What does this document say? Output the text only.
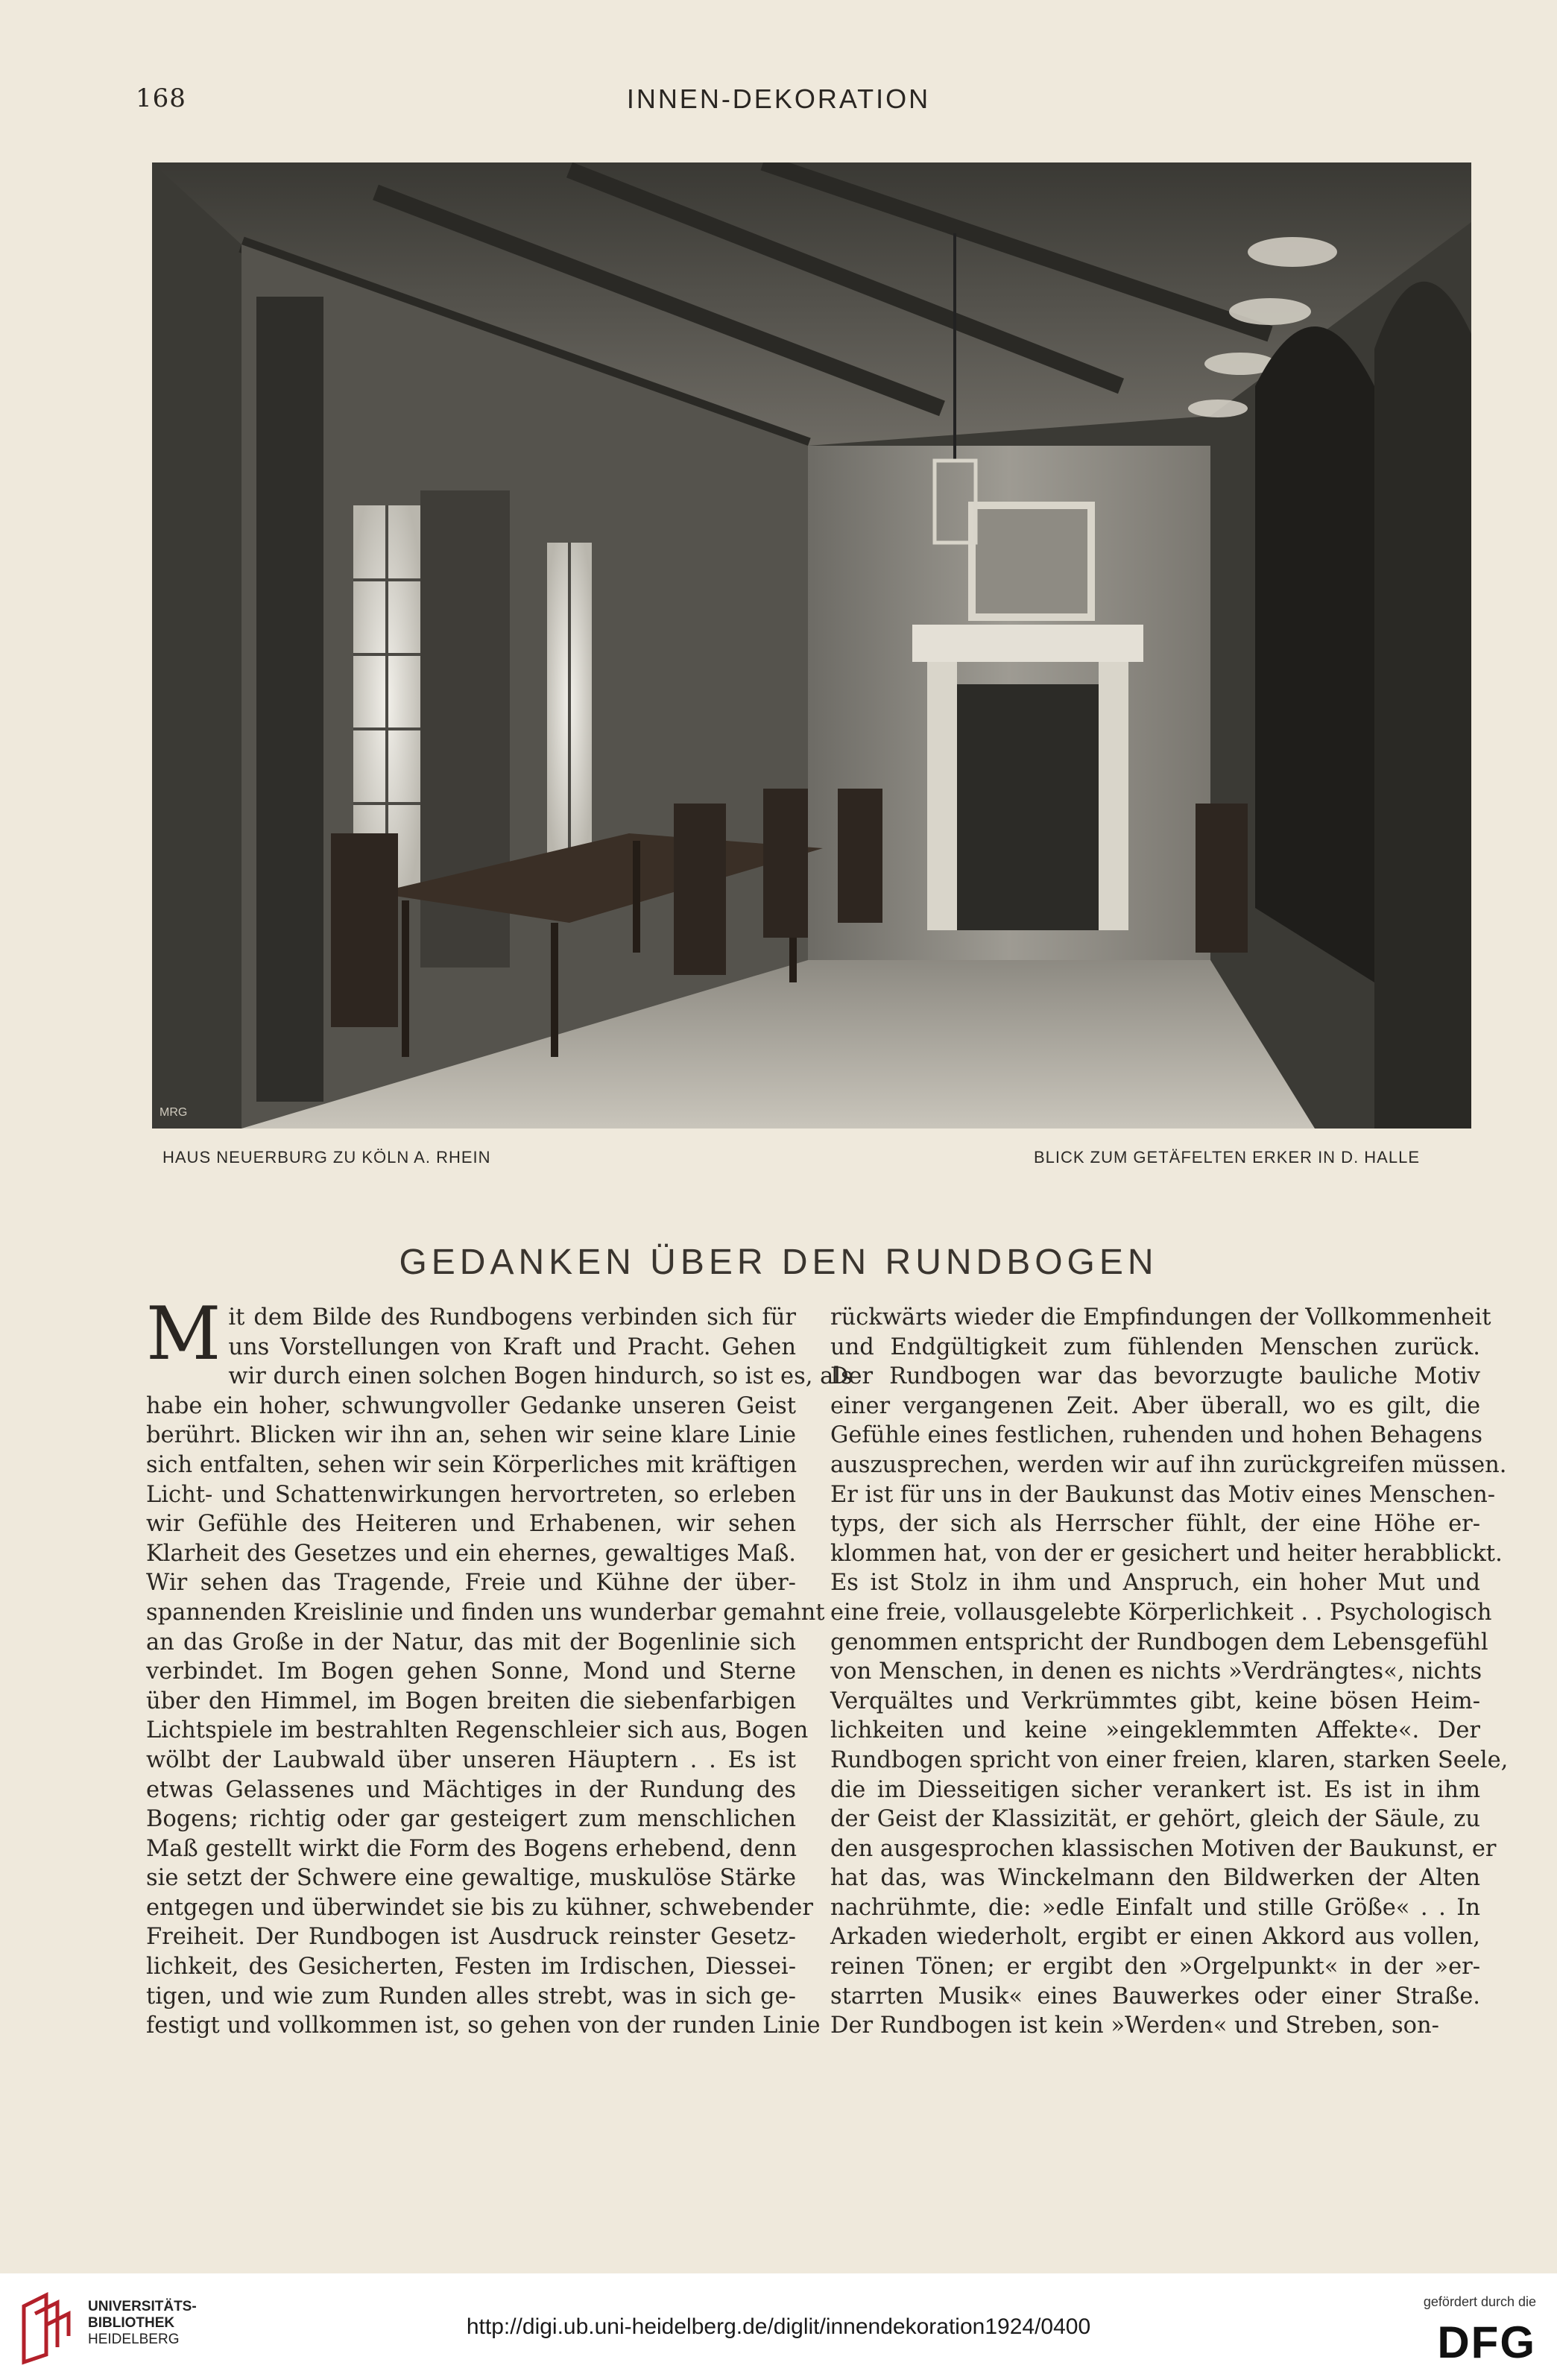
168	INNEN-DEKORATION
MRG
HAUS NEUERBURG ZU KÖLN A. RHEIN	BLICK ZUM GETÄFELTEN ERKER IN D. HALLE
GEDANKEN ÜBER DEN RUNDBOGEN
M it dem Bilde des Rundbogens verbinden sich für
uns Vorstellungen von Kraft und Pracht. Gehen
wir durch einen solchen Bogen hindurch, so ist es, als
habe ein hoher, schwungvoller Gedanke unseren Geist
berührt. Blicken wir ihn an, sehen wir seine klare Linie
sich entfalten, sehen wir sein Körperliches mit kräftigen
Licht- und Schattenwirkungen hervortreten, so erleben
wir Gefühle des Heiteren und Erhabenen, wir sehen
Klarheit des Gesetzes und ein ehernes, gewaltiges Maß.
Wir sehen das Tragende, Freie und Kühne der über-
spannenden Kreislinie und finden uns wunderbar gemahnt
an das Große in der Natur, das mit der Bogenlinie sich
verbindet. Im Bogen gehen Sonne, Mond und Sterne
über den Himmel, im Bogen breiten die siebenfarbigen
Lichtspiele im bestrahlten Regenschleier sich aus, Bogen
wölbt der Laubwald über unseren Häuptern . . Es ist
etwas Gelassenes und Mächtiges in der Rundung des
Bogens; richtig oder gar gesteigert zum menschlichen
Maß gestellt wirkt die Form des Bogens erhebend, denn
sie setzt der Schwere eine gewaltige, muskulöse Stärke
entgegen und überwindet sie bis zu kühner, schwebender
Freiheit. Der Rundbogen ist Ausdruck reinster Gesetz-
lichkeit, des Gesicherten, Festen im Irdischen, Diessei-
tigen, und wie zum Runden alles strebt, was in sich ge-
festigt und vollkommen ist, so gehen von der runden Linie
rückwärts wieder die Empfindungen der Vollkommenheit
und Endgültigkeit zum fühlenden Menschen zurück.
Der Rundbogen war das bevorzugte bauliche Motiv
einer vergangenen Zeit. Aber überall, wo es gilt, die
Gefühle eines festlichen, ruhenden und hohen Behagens
auszusprechen, werden wir auf ihn zurückgreifen müssen.
Er ist für uns in der Baukunst das Motiv eines Menschen-
typs, der sich als Herrscher fühlt, der eine Höhe er-
klommen hat, von der er gesichert und heiter herabblickt.
Es ist Stolz in ihm und Anspruch, ein hoher Mut und
eine freie, vollausgelebte Körperlichkeit . . Psychologisch
genommen entspricht der Rundbogen dem Lebensgefühl
von Menschen, in denen es nichts »Verdrängtes«, nichts
Verquältes und Verkrümmtes gibt, keine bösen Heim-
lichkeiten und keine »eingeklemmten Affekte«. Der
Rundbogen spricht von einer freien, klaren, starken Seele,
die im Diesseitigen sicher verankert ist. Es ist in ihm
der Geist der Klassizität, er gehört, gleich der Säule, zu
den ausgesprochen klassischen Motiven der Baukunst, er
hat das, was Winckelmann den Bildwerken der Alten
nachrühmte, die: »edle Einfalt und stille Größe« . . In
Arkaden wiederholt, ergibt er einen Akkord aus vollen,
reinen Tönen; er ergibt den »Orgelpunkt« in der »er-
starrten Musik« eines Bauwerkes oder einer Straße.
Der Rundbogen ist kein »Werden« und Streben, son-
UNIVERSITÄTS-
BIBLIOTHEK
HEIDELBERG
http://digi.ub.uni-heidelberg.de/diglit/innendekoration1924/0400
gefördert durch die
DFG
